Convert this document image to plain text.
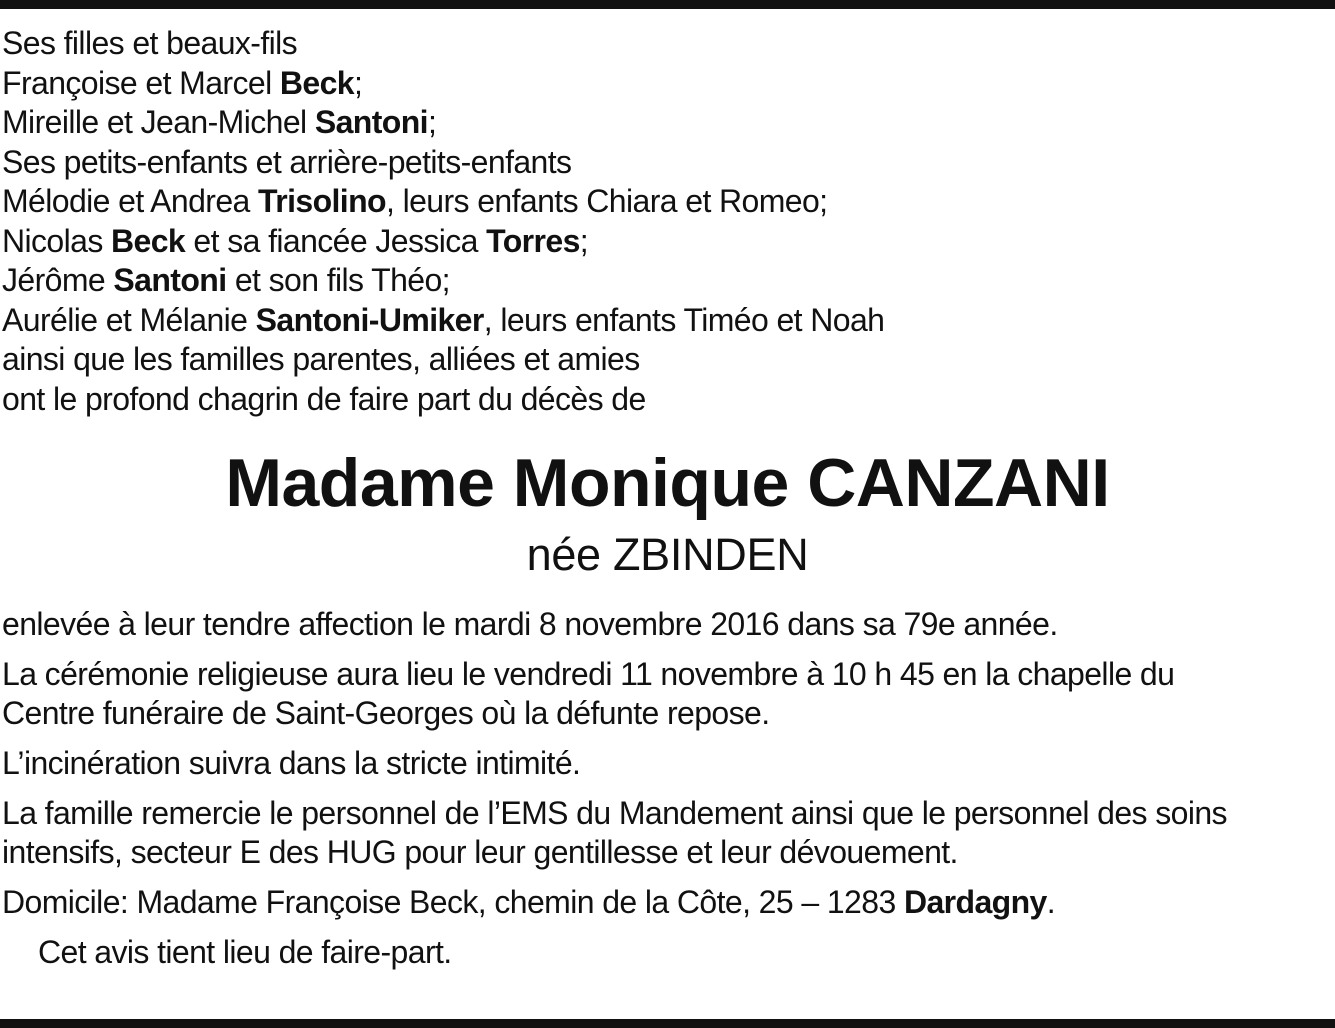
Ses filles et beaux-fils
Françoise et Marcel Beck;
Mireille et Jean-Michel Santoni;
Ses petits-enfants et arrière-petits-enfants
Mélodie et Andrea Trisolino, leurs enfants Chiara et Romeo;
Nicolas Beck et sa fiancée Jessica Torres;
Jérôme Santoni et son fils Théo;
Aurélie et Mélanie Santoni-Umiker, leurs enfants Timéo et Noah
ainsi que les familles parentes, alliées et amies
ont le profond chagrin de faire part du décès de
Madame Monique CANZANI
née ZBINDEN
enlevée à leur tendre affection le mardi 8 novembre 2016 dans sa 79e année.
La cérémonie religieuse aura lieu le vendredi 11 novembre à 10 h 45 en la chapelle du
Centre funéraire de Saint-Georges où la défunte repose.
L’incinération suivra dans la stricte intimité.
La famille remercie le personnel de l’EMS du Mandement ainsi que le personnel des soins
intensifs, secteur E des HUG pour leur gentillesse et leur dévouement.
Domicile: Madame Françoise Beck, chemin de la Côte, 25 – 1283 Dardagny.
Cet avis tient lieu de faire-part.
